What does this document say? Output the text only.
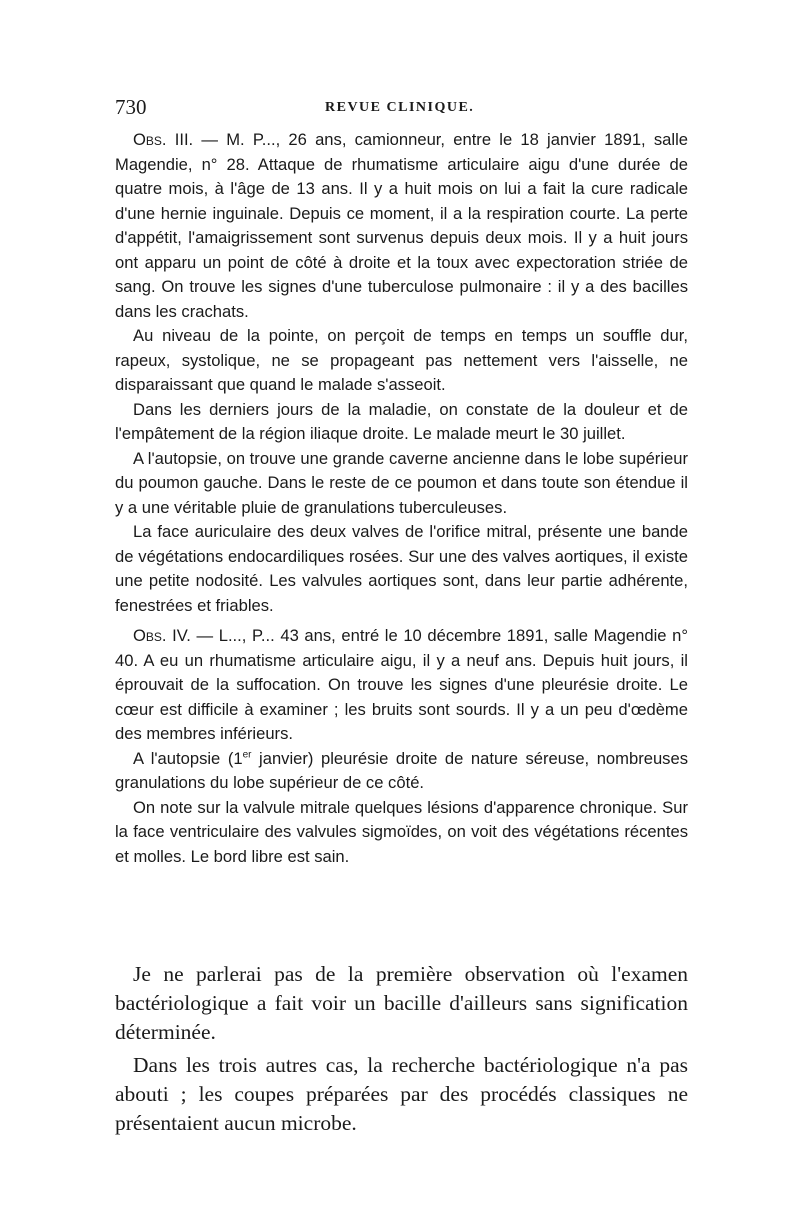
730	REVUE CLINIQUE.

Obs. III. — M. P..., 26 ans, camionneur, entre le 18 janvier 1891, salle Magendie, n° 28. Attaque de rhumatisme articulaire aigu d'une durée de quatre mois, à l'âge de 13 ans. Il y a huit mois on lui a fait la cure radicale d'une hernie inguinale. Depuis ce moment, il a la respiration courte. La perte d'appétit, l'amaigrissement sont survenus depuis deux mois. Il y a huit jours ont apparu un point de côté à droite et la toux avec expectoration striée de sang. On trouve les signes d'une tuberculose pulmonaire : il y a des bacilles dans les crachats.

Au niveau de la pointe, on perçoit de temps en temps un souffle dur, rapeux, systolique, ne se propageant pas nettement vers l'aisselle, ne disparaissant que quand le malade s'asseoit.

Dans les derniers jours de la maladie, on constate de la douleur et de l'empâtement de la région iliaque droite. Le malade meurt le 30 juillet.

A l'autopsie, on trouve une grande caverne ancienne dans le lobe supérieur du poumon gauche. Dans le reste de ce poumon et dans toute son étendue il y a une véritable pluie de granulations tuberculeuses.

La face auriculaire des deux valves de l'orifice mitral, présente une bande de végétations endocardiliques rosées. Sur une des valves aortiques, il existe une petite nodosité. Les valvules aortiques sont, dans leur partie adhérente, fenestrées et friables.

Obs. IV. — L..., P... 43 ans, entré le 10 décembre 1891, salle Magendie n° 40. A eu un rhumatisme articulaire aigu, il y a neuf ans. Depuis huit jours, il éprouvait de la suffocation. On trouve les signes d'une pleurésie droite. Le cœur est difficile à examiner ; les bruits sont sourds. Il y a un peu d'œdème des membres inférieurs.

A l'autopsie (1er janvier) pleurésie droite de nature séreuse, nombreuses granulations du lobe supérieur de ce côté.

On note sur la valvule mitrale quelques lésions d'apparence chronique. Sur la face ventriculaire des valvules sigmoïdes, on voit des végétations récentes et molles. Le bord libre est sain.

Je ne parlerai pas de la première observation où l'examen bactériologique a fait voir un bacille d'ailleurs sans signification déterminée.

Dans les trois autres cas, la recherche bactériologique n'a pas abouti ; les coupes préparées par des procédés classiques ne présentaient aucun microbe.
